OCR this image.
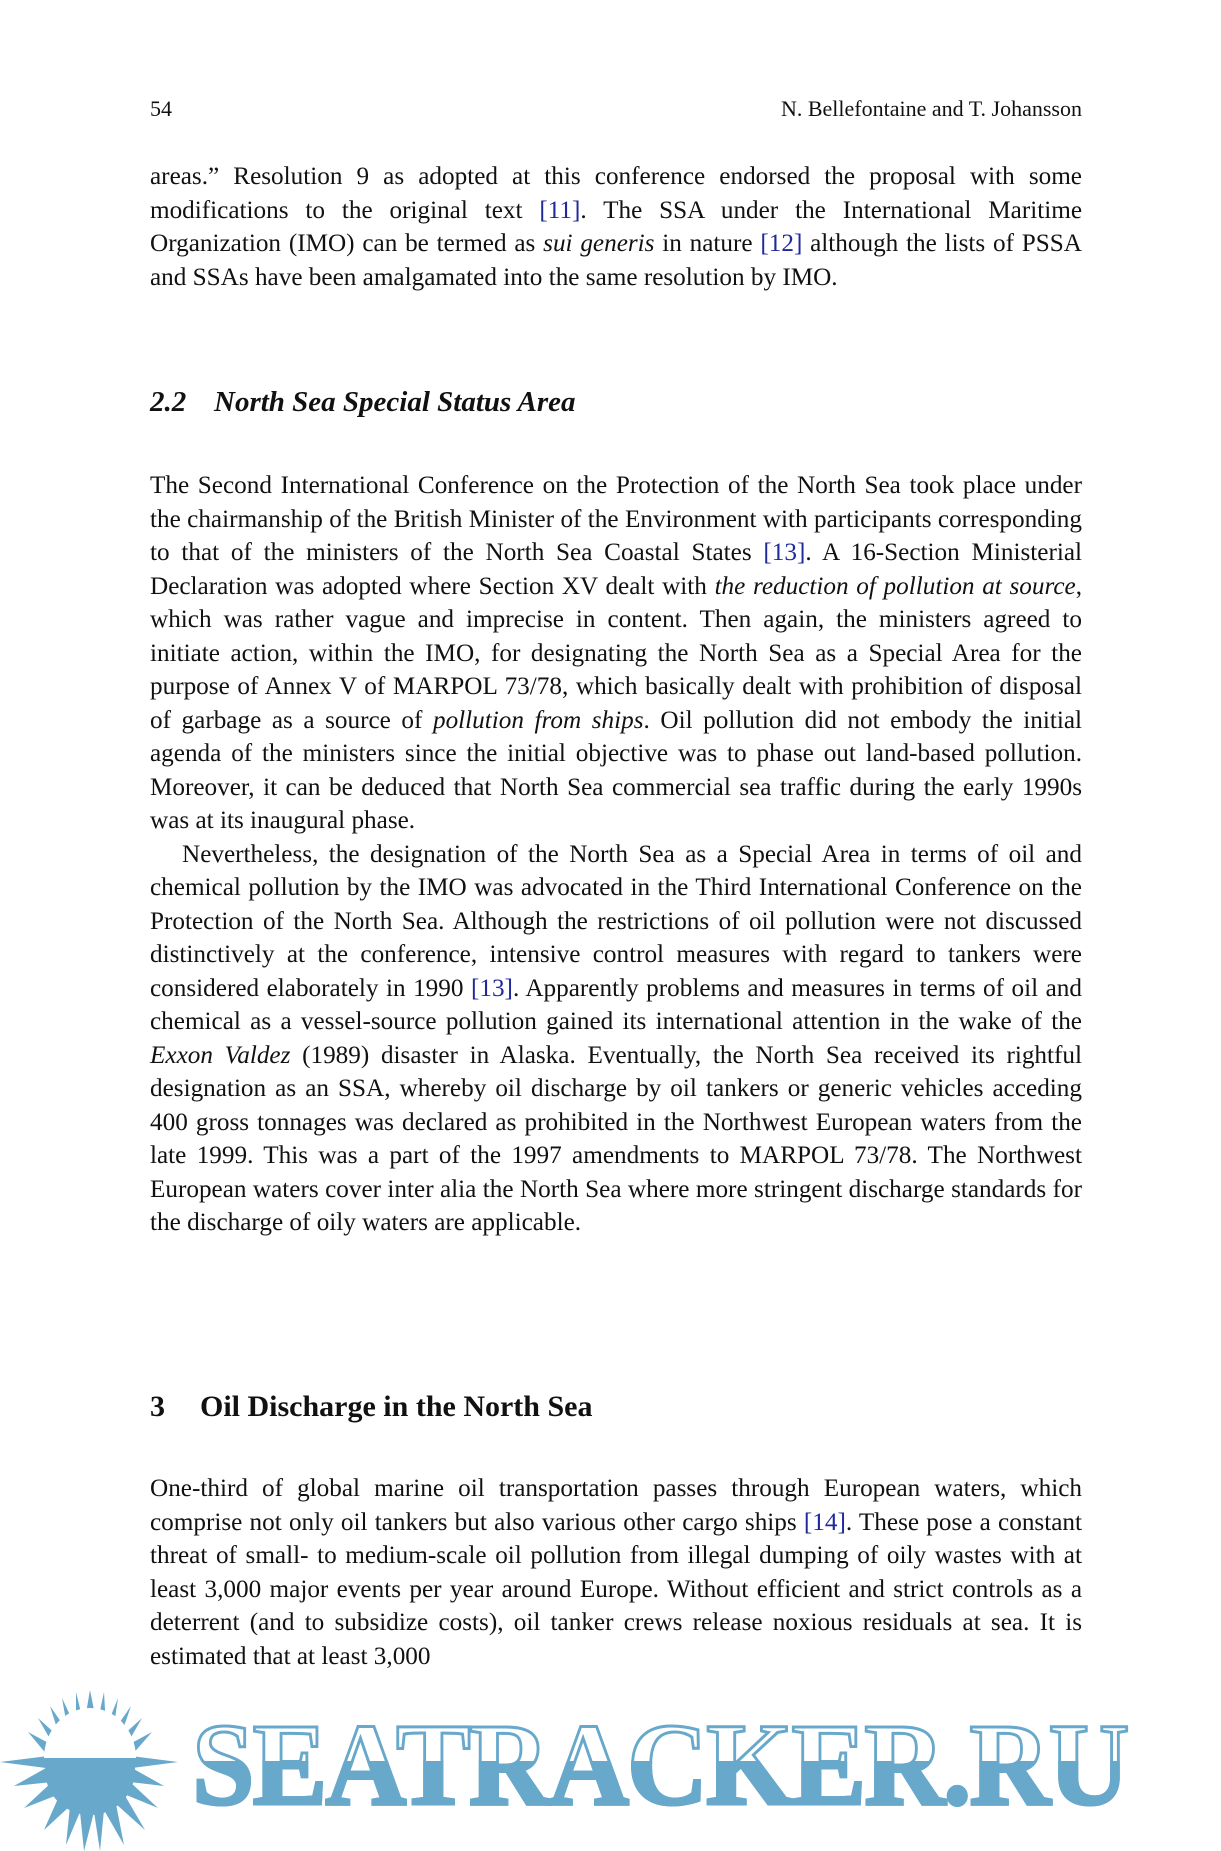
54	N. Bellefontaine and T. Johansson

areas.” Resolution 9 as adopted at this conference endorsed the proposal with some modifications to the original text [11]. The SSA under the International Maritime Organization (IMO) can be termed as sui generis in nature [12] although the lists of PSSA and SSAs have been amalgamated into the same resolution by IMO.

2.2 North Sea Special Status Area

The Second International Conference on the Protection of the North Sea took place under the chairmanship of the British Minister of the Environment with participants corresponding to that of the ministers of the North Sea Coastal States [13]. A 16-Section Ministerial Declaration was adopted where Section XV dealt with the reduction of pollution at source, which was rather vague and imprecise in content. Then again, the ministers agreed to initiate action, within the IMO, for designating the North Sea as a Special Area for the purpose of Annex V of MARPOL 73/78, which basically dealt with prohibition of disposal of garbage as a source of pollution from ships. Oil pollution did not embody the initial agenda of the ministers since the initial objective was to phase out land-based pollution. Moreover, it can be deduced that North Sea commercial sea traffic during the early 1990s was at its inaugural phase.

Nevertheless, the designation of the North Sea as a Special Area in terms of oil and chemical pollution by the IMO was advocated in the Third International Conference on the Protection of the North Sea. Although the restrictions of oil pollution were not discussed distinctively at the conference, intensive control measures with regard to tankers were considered elaborately in 1990 [13]. Apparently problems and measures in terms of oil and chemical as a vessel-source pollution gained its international attention in the wake of the Exxon Valdez (1989) disaster in Alaska. Eventually, the North Sea received its rightful designation as an SSA, whereby oil discharge by oil tankers or generic vehicles acceding 400 gross tonnages was declared as prohibited in the Northwest European waters from the late 1999. This was a part of the 1997 amendments to MARPOL 73/78. The Northwest European waters cover inter alia the North Sea where more stringent discharge standards for the discharge of oily waters are applicable.

3 Oil Discharge in the North Sea

One-third of global marine oil transportation passes through European waters, which comprise not only oil tankers but also various other cargo ships [14]. These pose a constant threat of small- to medium-scale oil pollution from illegal dumping of oily wastes with at least 3,000 major events per year around Europe. Without efficient and strict controls as a deterrent (and to subsidize costs), oil tanker crews release noxious residuals at sea. It is estimated that at least 3,000

SEATRACKER.RU
